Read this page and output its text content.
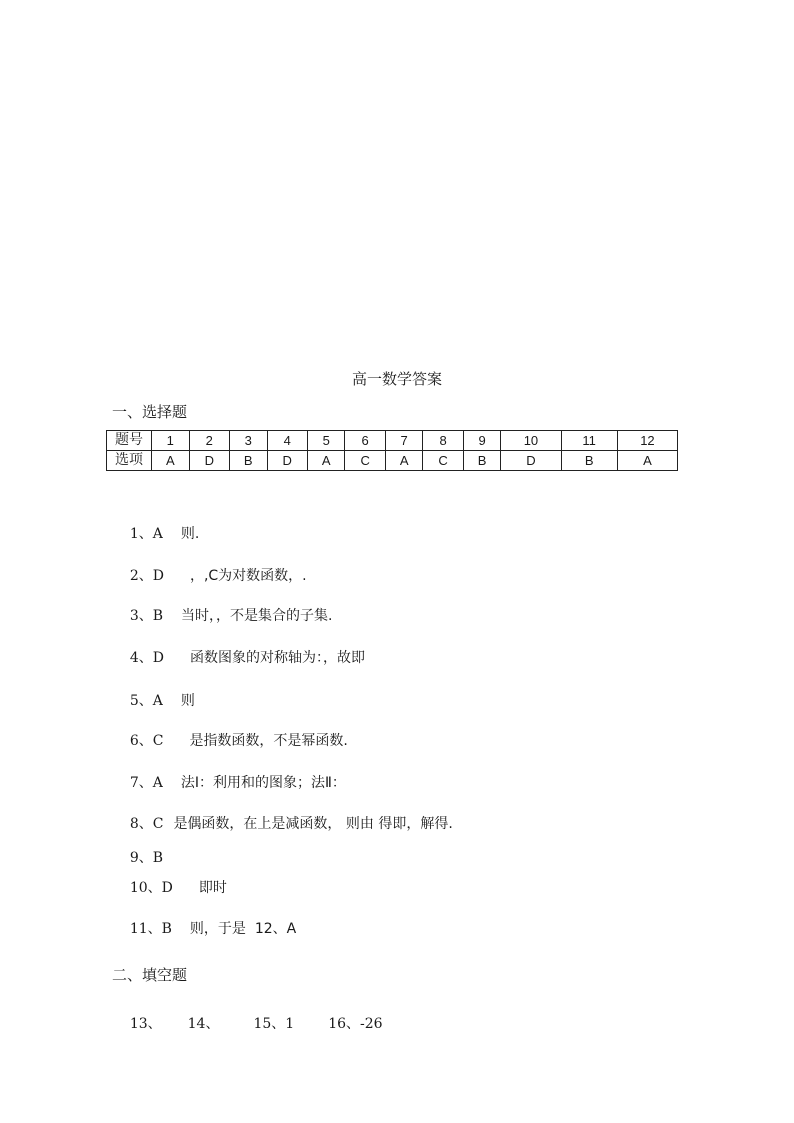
高一数学答案
一、选择题
题号	1	2	3	4	5	6	7	8	9	10	11	12
选项	A	D	B	D	A	C	A	C	B	D	B	A

1、A 则.

2、D ，,C为对数函数，.

3、B 当时，，不是集合的子集.

4、D 函数图象的对称轴为：，故即

5、A 则

6、C 是指数函数，不是幂函数.

7、A 法Ⅰ：利用和的图象；法Ⅱ：

8、C 是偶函数，在上是减函数， 则由 得即，解得.

9、B

10、D 即时

11、B 则，于是  12、A

二、填空题

13、 14、 15、1 16、-26
